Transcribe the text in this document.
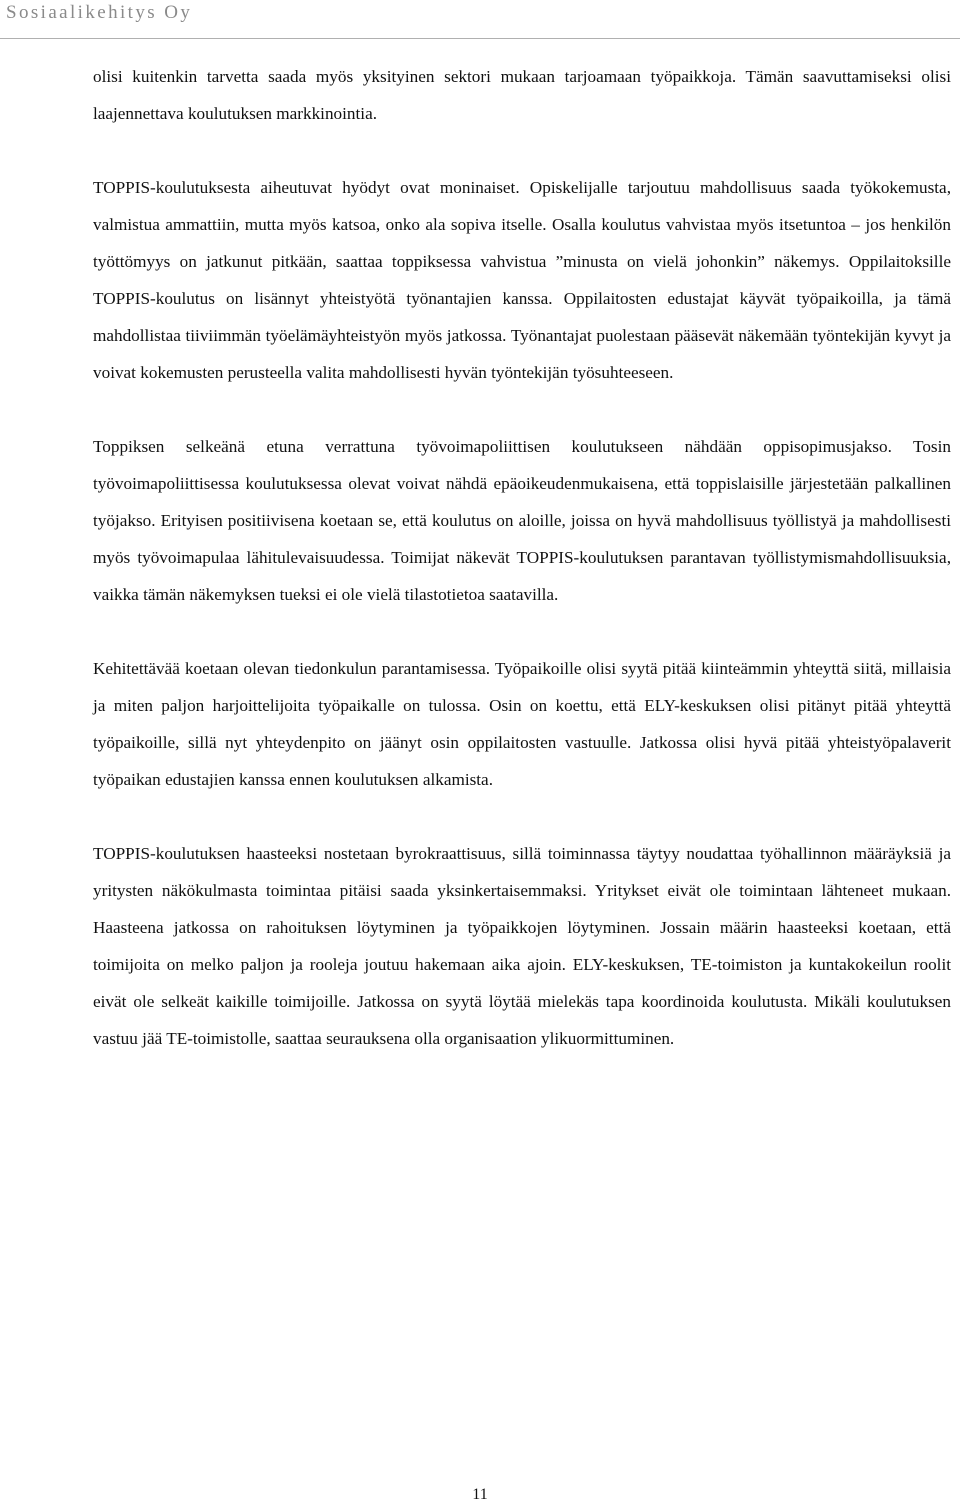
Sosiaalikehitys Oy

olisi kuitenkin tarvetta saada myös yksityinen sektori mukaan tarjoamaan työpaikkoja. Tämän saavuttamiseksi olisi laajennettava koulutuksen markkinointia.

TOPPIS-koulutuksesta aiheutuvat hyödyt ovat moninaiset. Opiskelijalle tarjoutuu mahdollisuus saada työkokemusta, valmistua ammattiin, mutta myös katsoa, onko ala sopiva itselle. Osalla koulutus vahvistaa myös itsetuntoa – jos henkilön työttömyys on jatkunut pitkään, saattaa toppiksessa vahvistua ”minusta on vielä johonkin” näkemys. Oppilaitoksille TOPPIS-koulutus on lisännyt yhteistyötä työnantajien kanssa. Oppilaitosten edustajat käyvät työpaikoilla, ja tämä mahdollistaa tiiviimmän työelämäyhteistyön myös jatkossa. Työnantajat puolestaan pääsevät näkemään työntekijän kyvyt ja voivat kokemusten perusteella valita mahdollisesti hyvän työntekijän työsuhteeseen.

Toppiksen selkeänä etuna verrattuna työvoimapoliittisen koulutukseen nähdään oppisopimusjakso. Tosin työvoimapoliittisessa koulutuksessa olevat voivat nähdä epäoikeudenmukaisena, että toppislaisille järjestetään palkallinen työjakso. Erityisen positiivisena koetaan se, että koulutus on aloille, joissa on hyvä mahdollisuus työllistyä ja mahdollisesti myös työvoimapulaa lähitulevaisuudessa. Toimijat näkevät TOPPIS-koulutuksen parantavan työllistymismahdollisuuksia, vaikka tämän näkemyksen tueksi ei ole vielä tilastotietoa saatavilla.

Kehitettävää koetaan olevan tiedonkulun parantamisessa. Työpaikoille olisi syytä pitää kiinteämmin yhteyttä siitä, millaisia ja miten paljon harjoittelijoita työpaikalle on tulossa. Osin on koettu, että ELY-keskuksen olisi pitänyt pitää yhteyttä työpaikoille, sillä nyt yhteydenpito on jäänyt osin oppilaitosten vastuulle. Jatkossa olisi hyvä pitää yhteistyöpalaverit työpaikan edustajien kanssa ennen koulutuksen alkamista.

TOPPIS-koulutuksen haasteeksi nostetaan byrokraattisuus, sillä toiminnassa täytyy noudattaa työhallinnon määräyksiä ja yritysten näkökulmasta toimintaa pitäisi saada yksinkertaisemmaksi. Yritykset eivät ole toimintaan lähteneet mukaan. Haasteena jatkossa on rahoituksen löytyminen ja työpaikkojen löytyminen. Jossain määrin haasteeksi koetaan, että toimijoita on melko paljon ja rooleja joutuu hakemaan aika ajoin. ELY-keskuksen, TE-toimiston ja kuntakokeilun roolit eivät ole selkeät kaikille toimijoille. Jatkossa on syytä löytää mielekäs tapa koordinoida koulutusta. Mikäli koulutuksen vastuu jää TE-toimistolle, saattaa seurauksena olla organisaation ylikuormittuminen.

11
